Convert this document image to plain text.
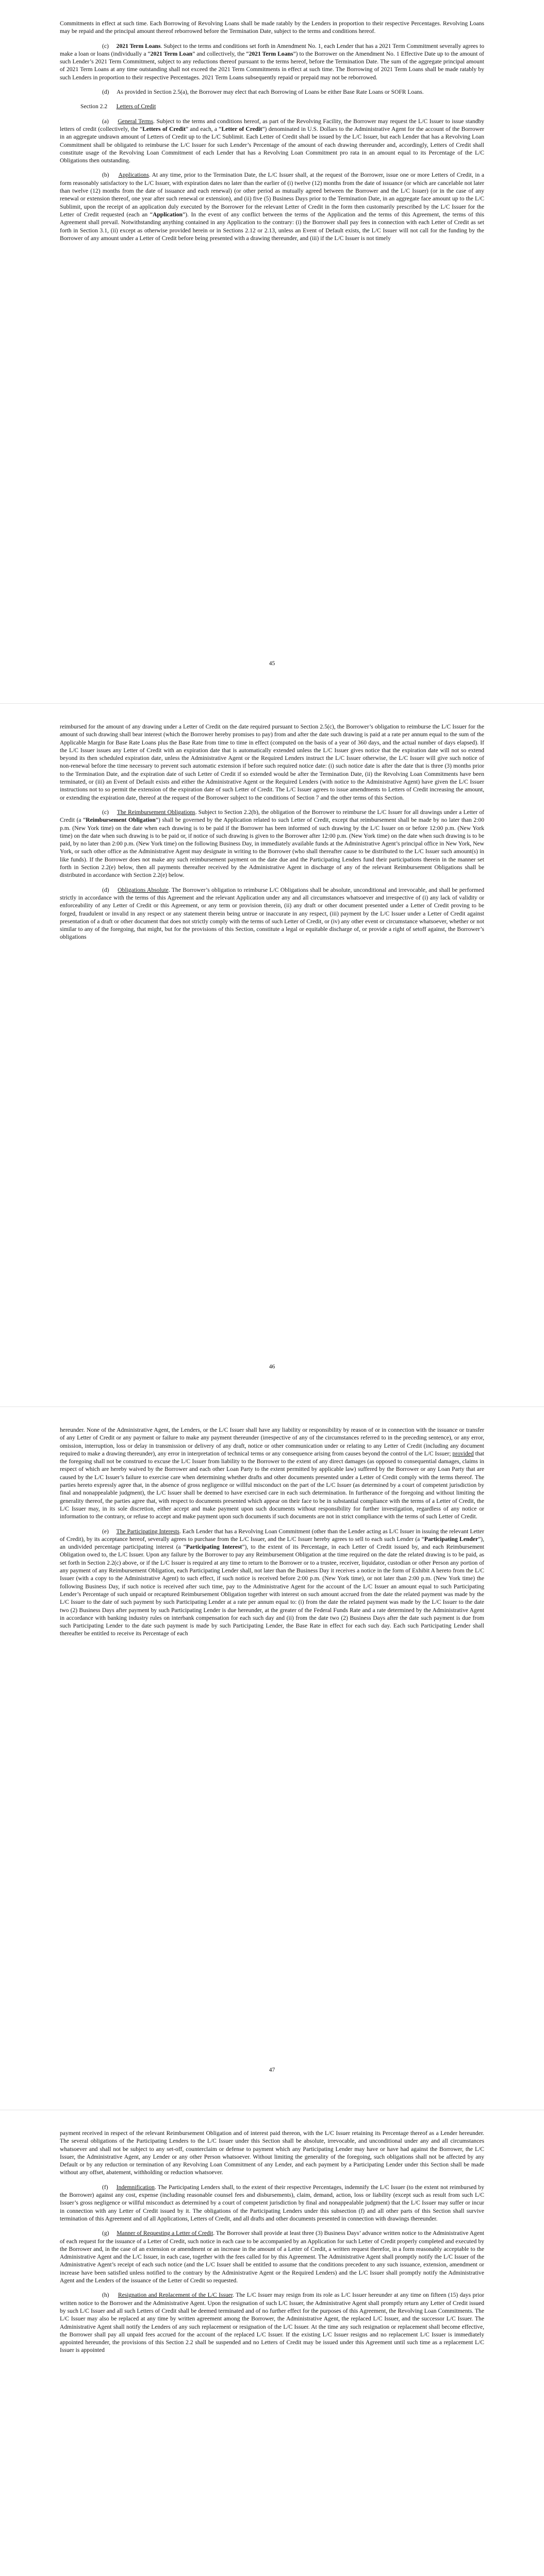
Commitments in effect at such time. Each Borrowing of Revolving Loans shall be made ratably by the Lenders in proportion to their respective Percentages. Revolving Loans may be repaid and the principal amount thereof reborrowed before the Termination Date, subject to the terms and conditions hereof.

(c) 2021 Term Loans. Subject to the terms and conditions set forth in Amendment No. 1, each Lender that has a 2021 Term Commitment severally agrees to make a loan or loans (individually a “2021 Term Loan” and collectively, the “2021 Term Loans”) to the Borrower on the Amendment No. 1 Effective Date up to the amount of such Lender’s 2021 Term Commitment, subject to any reductions thereof pursuant to the terms hereof, before the Termination Date. The sum of the aggregate principal amount of 2021 Term Loans at any time outstanding shall not exceed the 2021 Term Commitments in effect at such time. The Borrowing of 2021 Term Loans shall be made ratably by such Lenders in proportion to their respective Percentages. 2021 Term Loans subsequently repaid or prepaid may not be reborrowed.

(d) As provided in Section 2.5(a), the Borrower may elect that each Borrowing of Loans be either Base Rate Loans or SOFR Loans.

Section 2.2 Letters of Credit

(a) General Terms. Subject to the terms and conditions hereof, as part of the Revolving Facility, the Borrower may request the L/C Issuer to issue standby letters of credit (collectively, the “Letters of Credit” and each, a “Letter of Credit”) denominated in U.S. Dollars to the Administrative Agent for the account of the Borrower in an aggregate undrawn amount of Letters of Credit up to the L/C Sublimit. Each Letter of Credit shall be issued by the L/C Issuer, but each Lender that has a Revolving Loan Commitment shall be obligated to reimburse the L/C Issuer for such Lender’s Percentage of the amount of each drawing thereunder and, accordingly, Letters of Credit shall constitute usage of the Revolving Loan Commitment of each Lender that has a Revolving Loan Commitment pro rata in an amount equal to its Percentage of the L/C Obligations then outstanding.

(b) Applications. At any time, prior to the Termination Date, the L/C Issuer shall, at the request of the Borrower, issue one or more Letters of Credit, in a form reasonably satisfactory to the L/C Issuer, with expiration dates no later than the earlier of (i) twelve (12) months from the date of issuance (or which are cancelable not later than twelve (12) months from the date of issuance and each renewal) (or other period as mutually agreed between the Borrower and the L/C Issuer) (or in the case of any renewal or extension thereof, one year after such renewal or extension), and (ii) five (5) Business Days prior to the Termination Date, in an aggregate face amount up to the L/C Sublimit, upon the receipt of an application duly executed by the Borrower for the relevant Letter of Credit in the form then customarily prescribed by the L/C Issuer for the Letter of Credit requested (each an “Application”). In the event of any conflict between the terms of the Application and the terms of this Agreement, the terms of this Agreement shall prevail. Notwithstanding anything contained in any Application to the contrary: (i) the Borrower shall pay fees in connection with each Letter of Credit as set forth in Section 3.1, (ii) except as otherwise provided herein or in Sections 2.12 or 2.13, unless an Event of Default exists, the L/C Issuer will not call for the funding by the Borrower of any amount under a Letter of Credit before being presented with a drawing thereunder, and (iii) if the L/C Issuer is not timely

45

reimbursed for the amount of any drawing under a Letter of Credit on the date required pursuant to Section 2.5(c), the Borrower’s obligation to reimburse the L/C Issuer for the amount of such drawing shall bear interest (which the Borrower hereby promises to pay) from and after the date such drawing is paid at a rate per annum equal to the sum of the Applicable Margin for Base Rate Loans plus the Base Rate from time to time in effect (computed on the basis of a year of 360 days, and the actual number of days elapsed). If the L/C Issuer issues any Letter of Credit with an expiration date that is automatically extended unless the L/C Issuer gives notice that the expiration date will not so extend beyond its then scheduled expiration date, unless the Administrative Agent or the Required Lenders instruct the L/C Issuer otherwise, the L/C Issuer will give such notice of non-renewal before the time necessary to prevent such automatic extension if before such required notice date: (i) such notice date is after the date that is three (3) months prior to the Termination Date, and the expiration date of such Letter of Credit if so extended would be after the Termination Date, (ii) the Revolving Loan Commitments have been terminated, or (iii) an Event of Default exists and either the Administrative Agent or the Required Lenders (with notice to the Administrative Agent) have given the L/C Issuer instructions not to so permit the extension of the expiration date of such Letter of Credit. The L/C Issuer agrees to issue amendments to Letters of Credit increasing the amount, or extending the expiration date, thereof at the request of the Borrower subject to the conditions of Section 7 and the other terms of this Section.

(c) The Reimbursement Obligations. Subject to Section 2.2(b), the obligation of the Borrower to reimburse the L/C Issuer for all drawings under a Letter of Credit (a “Reimbursement Obligation”) shall be governed by the Application related to such Letter of Credit, except that reimbursement shall be made by no later than 2:00 p.m. (New York time) on the date when each drawing is to be paid if the Borrower has been informed of such drawing by the L/C Issuer on or before 12:00 p.m. (New York time) on the date when such drawing is to be paid or, if notice of such drawing is given to the Borrower after 12:00 p.m. (New York time) on the date when such drawing is to be paid, by no later than 2:00 p.m. (New York time) on the following Business Day, in immediately available funds at the Administrative Agent’s principal office in New York, New York, or such other office as the Administrative Agent may designate in writing to the Borrower (who shall thereafter cause to be distributed to the L/C Issuer such amount(s) in like funds). If the Borrower does not make any such reimbursement payment on the date due and the Participating Lenders fund their participations therein in the manner set forth in Section 2.2(e) below, then all payments thereafter received by the Administrative Agent in discharge of any of the relevant Reimbursement Obligations shall be distributed in accordance with Section 2.2(e) below.

(d) Obligations Absolute. The Borrower’s obligation to reimburse L/C Obligations shall be absolute, unconditional and irrevocable, and shall be performed strictly in accordance with the terms of this Agreement and the relevant Application under any and all circumstances whatsoever and irrespective of (i) any lack of validity or enforceability of any Letter of Credit or this Agreement, or any term or provision therein, (ii) any draft or other document presented under a Letter of Credit proving to be forged, fraudulent or invalid in any respect or any statement therein being untrue or inaccurate in any respect, (iii) payment by the L/C Issuer under a Letter of Credit against presentation of a draft or other document that does not strictly comply with the terms of such Letter of Credit, or (iv) any other event or circumstance whatsoever, whether or not similar to any of the foregoing, that might, but for the provisions of this Section, constitute a legal or equitable discharge of, or provide a right of setoff against, the Borrower’s obligations

46

hereunder. None of the Administrative Agent, the Lenders, or the L/C Issuer shall have any liability or responsibility by reason of or in connection with the issuance or transfer of any Letter of Credit or any payment or failure to make any payment thereunder (irrespective of any of the circumstances referred to in the preceding sentence), or any error, omission, interruption, loss or delay in transmission or delivery of any draft, notice or other communication under or relating to any Letter of Credit (including any document required to make a drawing thereunder), any error in interpretation of technical terms or any consequence arising from causes beyond the control of the L/C Issuer; provided that the foregoing shall not be construed to excuse the L/C Issuer from liability to the Borrower to the extent of any direct damages (as opposed to consequential damages, claims in respect of which are hereby waived by the Borrower and each other Loan Party to the extent permitted by applicable law) suffered by the Borrower or any Loan Party that are caused by the L/C Issuer’s failure to exercise care when determining whether drafts and other documents presented under a Letter of Credit comply with the terms thereof. The parties hereto expressly agree that, in the absence of gross negligence or willful misconduct on the part of the L/C Issuer (as determined by a court of competent jurisdiction by final and nonappealable judgment), the L/C Issuer shall be deemed to have exercised care in each such determination. In furtherance of the foregoing and without limiting the generality thereof, the parties agree that, with respect to documents presented which appear on their face to be in substantial compliance with the terms of a Letter of Credit, the L/C Issuer may, in its sole discretion, either accept and make payment upon such documents without responsibility for further investigation, regardless of any notice or information to the contrary, or refuse to accept and make payment upon such documents if such documents are not in strict compliance with the terms of such Letter of Credit.

(e) The Participating Interests. Each Lender that has a Revolving Loan Commitment (other than the Lender acting as L/C Issuer in issuing the relevant Letter of Credit), by its acceptance hereof, severally agrees to purchase from the L/C Issuer, and the L/C Issuer hereby agrees to sell to each such Lender (a “Participating Lender”), an undivided percentage participating interest (a “Participating Interest”), to the extent of its Percentage, in each Letter of Credit issued by, and each Reimbursement Obligation owed to, the L/C Issuer. Upon any failure by the Borrower to pay any Reimbursement Obligation at the time required on the date the related drawing is to be paid, as set forth in Section 2.2(c) above, or if the L/C Issuer is required at any time to return to the Borrower or to a trustee, receiver, liquidator, custodian or other Person any portion of any payment of any Reimbursement Obligation, each Participating Lender shall, not later than the Business Day it receives a notice in the form of Exhibit A hereto from the L/C Issuer (with a copy to the Administrative Agent) to such effect, if such notice is received before 2:00 p.m. (New York time), or not later than 2:00 p.m. (New York time) the following Business Day, if such notice is received after such time, pay to the Administrative Agent for the account of the L/C Issuer an amount equal to such Participating Lender’s Percentage of such unpaid or recaptured Reimbursement Obligation together with interest on such amount accrued from the date the related payment was made by the L/C Issuer to the date of such payment by such Participating Lender at a rate per annum equal to: (i) from the date the related payment was made by the L/C Issuer to the date two (2) Business Days after payment by such Participating Lender is due hereunder, at the greater of the Federal Funds Rate and a rate determined by the Administrative Agent in accordance with banking industry rules on interbank compensation for each such day and (ii) from the date two (2) Business Days after the date such payment is due from such Participating Lender to the date such payment is made by such Participating Lender, the Base Rate in effect for each such day. Each such Participating Lender shall thereafter be entitled to receive its Percentage of each

47

payment received in respect of the relevant Reimbursement Obligation and of interest paid thereon, with the L/C Issuer retaining its Percentage thereof as a Lender hereunder. The several obligations of the Participating Lenders to the L/C Issuer under this Section shall be absolute, irrevocable, and unconditional under any and all circumstances whatsoever and shall not be subject to any set-off, counterclaim or defense to payment which any Participating Lender may have or have had against the Borrower, the L/C Issuer, the Administrative Agent, any Lender or any other Person whatsoever. Without limiting the generality of the foregoing, such obligations shall not be affected by any Default or by any reduction or termination of any Revolving Loan Commitment of any Lender, and each payment by a Participating Lender under this Section shall be made without any offset, abatement, withholding or reduction whatsoever.

(f) Indemnification. The Participating Lenders shall, to the extent of their respective Percentages, indemnify the L/C Issuer (to the extent not reimbursed by the Borrower) against any cost, expense (including reasonable counsel fees and disbursements), claim, demand, action, loss or liability (except such as result from such L/C Issuer’s gross negligence or willful misconduct as determined by a court of competent jurisdiction by final and nonappealable judgment) that the L/C Issuer may suffer or incur in connection with any Letter of Credit issued by it. The obligations of the Participating Lenders under this subsection (f) and all other parts of this Section shall survive termination of this Agreement and of all Applications, Letters of Credit, and all drafts and other documents presented in connection with drawings thereunder.

(g) Manner of Requesting a Letter of Credit. The Borrower shall provide at least three (3) Business Days’ advance written notice to the Administrative Agent of each request for the issuance of a Letter of Credit, such notice in each case to be accompanied by an Application for such Letter of Credit properly completed and executed by the Borrower and, in the case of an extension or amendment or an increase in the amount of a Letter of Credit, a written request therefor, in a form reasonably acceptable to the Administrative Agent and the L/C Issuer, in each case, together with the fees called for by this Agreement. The Administrative Agent shall promptly notify the L/C Issuer of the Administrative Agent’s receipt of each such notice (and the L/C Issuer shall be entitled to assume that the conditions precedent to any such issuance, extension, amendment or increase have been satisfied unless notified to the contrary by the Administrative Agent or the Required Lenders) and the L/C Issuer shall promptly notify the Administrative Agent and the Lenders of the issuance of the Letter of Credit so requested.

(h) Resignation and Replacement of the L/C Issuer. The L/C Issuer may resign from its role as L/C Issuer hereunder at any time on fifteen (15) days prior written notice to the Borrower and the Administrative Agent. Upon the resignation of such L/C Issuer, the Administrative Agent shall promptly return any Letter of Credit issued by such L/C Issuer and all such Letters of Credit shall be deemed terminated and of no further effect for the purposes of this Agreement, the Revolving Loan Commitments. The L/C Issuer may also be replaced at any time by written agreement among the Borrower, the Administrative Agent, the replaced L/C Issuer, and the successor L/C Issuer. The Administrative Agent shall notify the Lenders of any such replacement or resignation of the L/C Issuer. At the time any such resignation or replacement shall become effective, the Borrower shall pay all unpaid fees accrued for the account of the replaced L/C Issuer. If the existing L/C Issuer resigns and no replacement L/C Issuer is immediately appointed hereunder, the provisions of this Section 2.2 shall be suspended and no Letters of Credit may be issued under this Agreement until such time as a replacement L/C Issuer is appointed
